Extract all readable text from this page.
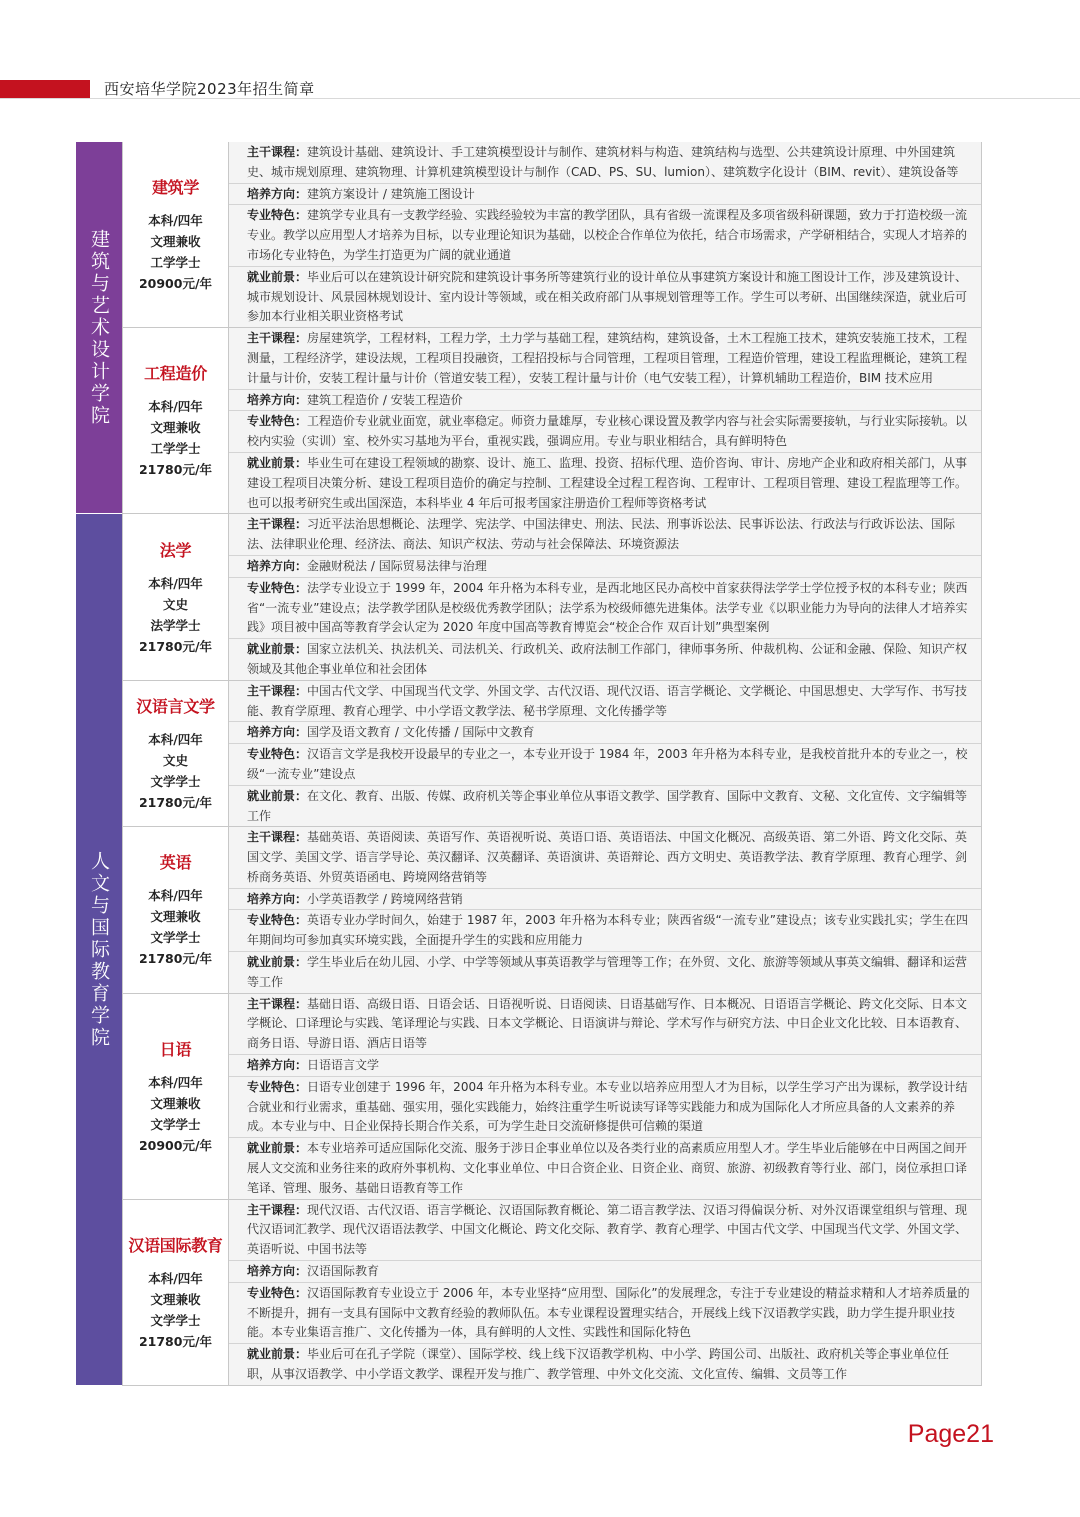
西安培华学院2023年招生简章
建筑与艺术设计学院
建筑学
本科/四年
文理兼收
工学学士
20900元/年
主干课程：建筑设计基础、建筑设计、手工建筑模型设计与制作、建筑材料与构造、建筑结构与选型、公共建筑设计原理、中外国建筑史、城市规划原理、建筑物理、计算机建筑模型设计与制作（CAD、PS、SU、lumion）、建筑数字化设计（BIM、revit）、建筑设备等
培养方向：建筑方案设计 / 建筑施工图设计
专业特色：建筑学专业具有一支教学经验、实践经验较为丰富的教学团队，具有省级一流课程及多项省级科研课题，致力于打造校级一流专业。教学以应用型人才培养为目标，以专业理论知识为基础，以校企合作单位为依托，结合市场需求，产学研相结合，实现人才培养的市场化专业特色，为学生打造更为广阔的就业通道
就业前景：毕业后可以在建筑设计研究院和建筑设计事务所等建筑行业的设计单位从事建筑方案设计和施工图设计工作，涉及建筑设计、城市规划设计、风景园林规划设计、室内设计等领域，或在相关政府部门从事规划管理等工作。学生可以考研、出国继续深造，就业后可参加本行业相关职业资格考试
工程造价
本科/四年
文理兼收
工学学士
21780元/年
主干课程：房屋建筑学，工程材料，工程力学，土力学与基础工程，建筑结构，建筑设备，土木工程施工技术，建筑安装施工技术，工程测量，工程经济学，建设法规，工程项目投融资，工程招投标与合同管理，工程项目管理，工程造价管理，建设工程监理概论，建筑工程计量与计价，安装工程计量与计价（管道安装工程），安装工程计量与计价（电气安装工程），计算机辅助工程造价，BIM 技术应用
培养方向：建筑工程造价 / 安装工程造价
专业特色：工程造价专业就业面宽，就业率稳定。师资力量雄厚，专业核心课设置及教学内容与社会实际需要接轨，与行业实际接轨。以校内实验（实训）室、校外实习基地为平台，重视实践，强调应用。专业与职业相结合，具有鲜明特色
就业前景：毕业生可在建设工程领域的勘察、设计、施工、监理、投资、招标代理、造价咨询、审计、房地产企业和政府相关部门，从事建设工程项目决策分析、建设工程项目造价的确定与控制、工程建设全过程工程咨询、工程审计、工程项目管理、建设工程监理等工作。也可以报考研究生或出国深造，本科毕业 4 年后可报考国家注册造价工程师等资格考试
人文与国际教育学院
法学
本科/四年
文史
法学学士
21780元/年
主干课程：习近平法治思想概论、法理学、宪法学、中国法律史、刑法、民法、刑事诉讼法、民事诉讼法、行政法与行政诉讼法、国际法、法律职业伦理、经济法、商法、知识产权法、劳动与社会保障法、环境资源法
培养方向：金融财税法 / 国际贸易法律与治理
专业特色：法学专业设立于 1999 年，2004 年升格为本科专业，是西北地区民办高校中首家获得法学学士学位授予权的本科专业；陕西省“一流专业”建设点；法学教学团队是校级优秀教学团队；法学系为校级师德先进集体。法学专业《以职业能力为导向的法律人才培养实践》项目被中国高等教育学会认定为 2020 年度中国高等教育博览会“校企合作 双百计划”典型案例
就业前景：国家立法机关、执法机关、司法机关、行政机关、政府法制工作部门，律师事务所、仲裁机构、公证和金融、保险、知识产权领域及其他企事业单位和社会团体
汉语言文学
本科/四年
文史
文学学士
21780元/年
主干课程：中国古代文学、中国现当代文学、外国文学、古代汉语、现代汉语、语言学概论、文学概论、中国思想史、大学写作、书写技能、教育学原理、教育心理学、中小学语文教学法、秘书学原理、文化传播学等
培养方向：国学及语文教育 / 文化传播 / 国际中文教育
专业特色：汉语言文学是我校开设最早的专业之一，本专业开设于 1984 年，2003 年升格为本科专业，是我校首批升本的专业之一，校级“一流专业”建设点
就业前景：在文化、教育、出版、传媒、政府机关等企事业单位从事语文教学、国学教育、国际中文教育、文秘、文化宣传、文字编辑等工作
英语
本科/四年
文理兼收
文学学士
21780元/年
主干课程：基础英语、英语阅读、英语写作、英语视听说、英语口语、英语语法、中国文化概况、高级英语、第二外语、跨文化交际、英国文学、美国文学、语言学导论、英汉翻译、汉英翻译、英语演讲、英语辩论、西方文明史、英语教学法、教育学原理、教育心理学、剑桥商务英语、外贸英语函电、跨境网络营销等
培养方向：小学英语教学 / 跨境网络营销
专业特色：英语专业办学时间久，始建于 1987 年，2003 年升格为本科专业；陕西省级“一流专业”建设点；该专业实践扎实；学生在四年期间均可参加真实环境实践，全面提升学生的实践和应用能力
就业前景：学生毕业后在幼儿园、小学、中学等领域从事英语教学与管理等工作；在外贸、文化、旅游等领域从事英文编辑、翻译和运营等工作
日语
本科/四年
文理兼收
文学学士
20900元/年
主干课程：基础日语、高级日语、日语会话、日语视听说、日语阅读、日语基础写作、日本概况、日语语言学概论、跨文化交际、日本文学概论、口译理论与实践、笔译理论与实践、日本文学概论、日语演讲与辩论、学术写作与研究方法、中日企业文化比较、日本语教育、商务日语、导游日语、酒店日语等
培养方向：日语语言文学
专业特色：日语专业创建于 1996 年，2004 年升格为本科专业。本专业以培养应用型人才为目标，以学生学习产出为课标，教学设计结合就业和行业需求，重基础、强实用，强化实践能力，始终注重学生听说读写译等实践能力和成为国际化人才所应具备的人文素养的养成。本专业与中、日企业保持长期合作关系，可为学生赴日交流研修提供可信赖的渠道
就业前景：本专业培养可适应国际化交流、服务于涉日企事业单位以及各类行业的高素质应用型人才。学生毕业后能够在中日两国之间开展人文交流和业务往来的政府外事机构、文化事业单位、中日合资企业、日资企业、商贸、旅游、初级教育等行业、部门，岗位承担口译笔译、管理、服务、基础日语教育等工作
汉语国际教育
本科/四年
文理兼收
文学学士
21780元/年
主干课程：现代汉语、古代汉语、语言学概论、汉语国际教育概论、第二语言教学法、汉语习得偏误分析、对外汉语课堂组织与管理、现代汉语词汇教学、现代汉语语法教学、中国文化概论、跨文化交际、教育学、教育心理学、中国古代文学、中国现当代文学、外国文学、英语听说、中国书法等
培养方向：汉语国际教育
专业特色：汉语国际教育专业设立于 2006 年，本专业坚持“应用型、国际化”的发展理念，专注于专业建设的精益求精和人才培养质量的不断提升，拥有一支具有国际中文教育经验的教师队伍。本专业课程设置理实结合，开展线上线下汉语教学实践，助力学生提升职业技能。本专业集语言推广、文化传播为一体，具有鲜明的人文性、实践性和国际化特色
就业前景：毕业后可在孔子学院（课堂）、国际学校、线上线下汉语教学机构、中小学、跨国公司、出版社、政府机关等企事业单位任职，从事汉语教学、中小学语文教学、课程开发与推广、教学管理、中外文化交流、文化宣传、编辑、文员等工作
Page21
